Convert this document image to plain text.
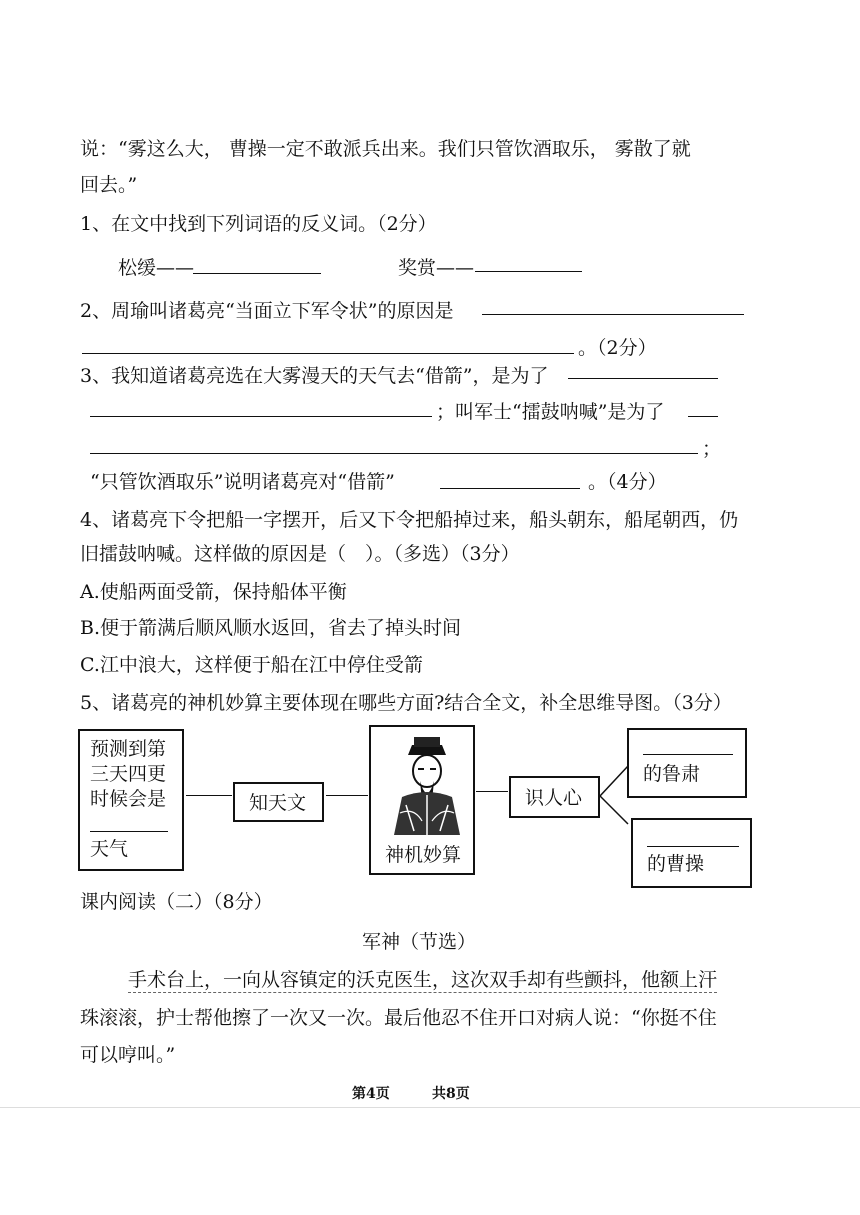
说：“雾这么大， 曹操一定不敢派兵出来。我们只管饮酒取乐， 雾散了就
回去。”
1、在文中找到下列词语的反义词。（2分）
松缓——	奖赏——
2、周瑜叫诸葛亮“当面立下军令状”的原因是
。（2分）
3、我知道诸葛亮选在大雾漫天的天气去“借箭”，是为了
；叫军士“擂鼓呐喊”是为了
；
“只管饮酒取乐”说明诸葛亮对“借箭”	。（4分）
4、诸葛亮下令把船一字摆开，后又下令把船掉过来，船头朝东，船尾朝西，仍
旧擂鼓呐喊。这样做的原因是（　）。（多选）（3分）
A.使船两面受箭，保持船体平衡
B.便于箭满后顺风顺水返回，省去了掉头时间
C.江中浪大，这样便于船在江中停住受箭
5、诸葛亮的神机妙算主要体现在哪些方面?结合全文，补全思维导图。（3分）
预测到第
三天四更
时候会是
天气
知天文
神机妙算
识人心
的鲁肃
的曹操
课内阅读（二）（8分）
军神（节选）
手术台上，一向从容镇定的沃克医生，这次双手却有些颤抖，他额上汗
珠滚滚，护士帮他擦了一次又一次。最后他忍不住开口对病人说：“你挺不住
可以哼叫。”
第4页	共8页
